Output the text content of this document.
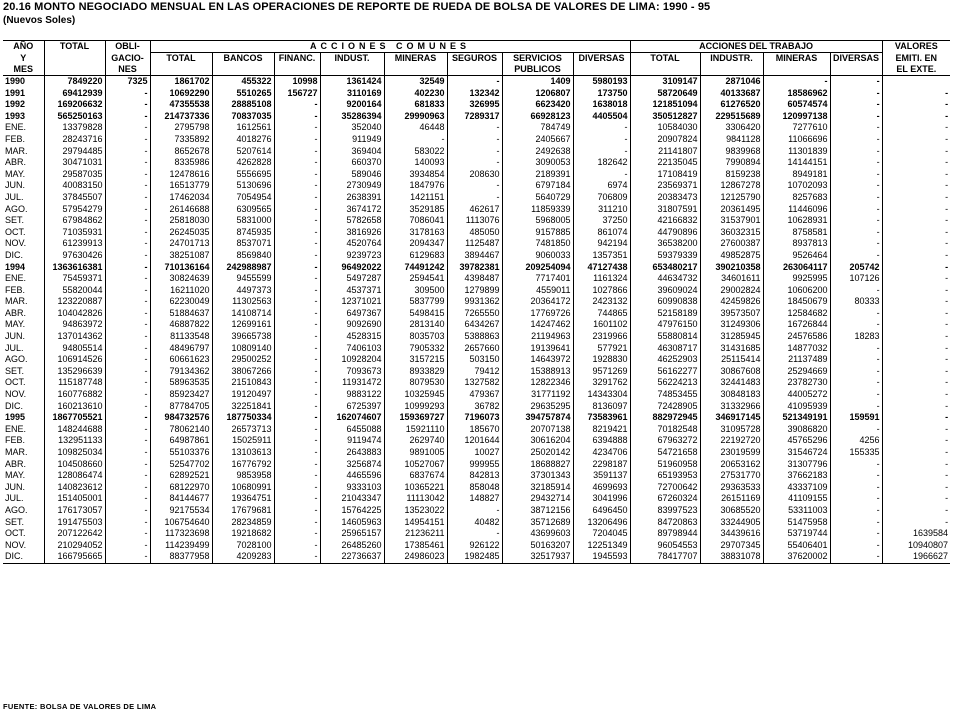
20.16 MONTO NEGOCIADO MENSUAL EN LAS OPERACIONES DE REPORTE DE RUEDA DE BOLSA DE VALORES DE LIMA: 1990 - 95
(Nuevos Soles)
AÑO	TOTAL	OBLI-	ACCIONES COMUNES								ACCIONES DEL TRABAJO				VALORES
Y		GACIO-	TOTAL	BANCOS	FINANC.	INDUST.	MINERAS	SEGUROS	SERVICIOS	DIVERSAS	TOTAL	INDUSTR.	MINERAS	DIVERSAS	EMITI. EN
MES		NES							PUBLICOS						EL EXTE.
1990	7849220	7325	1861702	455322	10998	1361424	32549	-	1409	5980193	3109147	2871046	-	-	
1991	69412939	-	10692290	5510265	156727	3110169	402230	132342	1206807	173750	58720649	40133687	18586962	-	-
1992	169206632	-	47355538	28885108	-	9200164	681833	326995	6623420	1638018	121851094	61276520	60574574	-	-
1993	565250163	-	214737336	70837035	-	35286394	29990963	7289317	66928123	4405504	350512827	229515689	120997138	-	-
ENE.	13379828	-	2795798	1612561	-	352040	46448	-	784749	-	10584030	3306420	7277610	-	-
FEB.	28243716	-	7335892	4018276	-	911949	-	-	2405667	-	20907824	9841128	11066696	-	-
MAR.	29794485	-	8652678	5207614	-	369404	583022	-	2492638	-	21141807	9839968	11301839	-	-
ABR.	30471031	-	8335986	4262828	-	660370	140093	-	3090053	182642	22135045	7990894	14144151	-	-
MAY.	29587035	-	12478616	5556695	-	589046	3934854	208630	2189391	-	17108419	8159238	8949181	-	-
JUN.	40083150	-	16513779	5130696	-	2730949	1847976	-	6797184	6974	23569371	12867278	10702093	-	-
JUL.	37845507	-	17462034	7054954	-	2638391	1421151	-	5640729	706809	20383473	12125790	8257683	-	-
AGO.	57954279	-	26146688	6309565	-	3674172	3529185	462617	11859339	311210	31807591	20361495	11446096	-	-
SET.	67984862	-	25818030	5831000	-	5782658	7086041	1113076	5968005	37250	42166832	31537901	10628931	-	-
OCT.	71035931	-	26245035	8745935	-	3816926	3178163	485050	9157885	861074	44790896	36032315	8758581	-	-
NOV.	61239913	-	24701713	8537071	-	4520764	2094347	1125487	7481850	942194	36538200	27600387	8937813	-	-
DIC.	97630426	-	38251087	8569840	-	9239723	6129683	3894467	9060033	1357351	59379339	49852875	9526464	-	-
1994	1363616381	-	710136164	242988987	-	96492022	74491242	39782381	209254094	47127438	653480217	390210358	263064117	205742	-
ENE.	75459371	-	30824639	9455599	-	5497287	2594541	4398487	7717401	1161324	44634732	34601611	9925995	107126	-
FEB.	55820044	-	16211020	4497373	-	4537371	309500	1279899	4559011	1027866	39609024	29002824	10606200	-	-
MAR.	123220887	-	62230049	11302563	-	12371021	5837799	9931362	20364172	2423132	60990838	42459826	18450679	80333	-
ABR.	104042826	-	51884637	14108714	-	6497367	5498415	7265550	17769726	744865	52158189	39573507	12584682	-	-
MAY.	94863972	-	46887822	12699161	-	9092690	2813140	6434267	14247462	1601102	47976150	31249306	16726844	-	-
JUN.	137014362	-	81133548	39665738	-	4528315	8035703	5388863	21194963	2319966	55880814	31285945	24576586	18283	-
JUL.	94805514	-	48496797	10809140	-	7406103	7905332	2657660	19139641	577921	46308717	31431685	14877032	-	-
AGO.	106914526	-	60661623	29500252	-	10928204	3157215	503150	14643972	1928830	46252903	25115414	21137489	-	-
SET.	135296639	-	79134362	38067266	-	7093673	8933829	79412	15388913	9571269	56162277	30867608	25294669	-	-
OCT.	115187748	-	58963535	21510843	-	11931472	8079530	1327582	12822346	3291762	56224213	32441483	23782730	-	-
NOV.	160776882	-	85923427	19120497	-	9883122	10325945	479367	31771192	14343304	74853455	30848183	44005272	-	-
DIC.	160213610	-	87784705	32251841	-	6725397	10999293	36782	29635295	8136097	72428905	31332966	41095939	-	-
1995	1867705521	-	984732576	187750334	-	162074607	159369727	7196073	394757874	73583961	882972945	346917145	521349191	159591	-
ENE.	148244688	-	78062140	26573713	-	6455088	15921110	185670	20707138	8219421	70182548	31095728	39086820	-	-
FEB.	132951133	-	64987861	15025911	-	9119474	2629740	1201644	30616204	6394888	67963272	22192720	45765296	4256	-
MAR.	109825034	-	55103376	13103613	-	2643883	9891005	10027	25020142	4234706	54721658	23019599	31546724	155335	-
ABR.	104508660	-	52547702	16776792	-	3256874	10527067	999955	18688827	2298187	51960958	20653162	31307796	-	-
MAY.	128086474	-	62892521	9853958	-	4465596	6837674	842813	37301343	3591137	65193953	27531770	37662183	-	-
JUN.	140823612	-	68122970	10680991	-	9333103	10365221	858048	32185914	4699693	72700642	29363533	43337109	-	-
JUL.	151405001	-	84144677	19364751	-	21043347	11113042	148827	29432714	3041996	67260324	26151169	41109155	-	-
AGO.	176173057	-	92175534	17679681	-	15764225	13523022	-	38712156	6496450	83997523	30685520	53311003	-	-
SET.	191475503	-	106754640	28234859	-	14605963	14954151	40482	35712689	13206496	84720863	33244905	51475958	-	-
OCT.	207122642	-	117323698	19218682	-	25965157	21236211	-	43699603	7204045	89798944	34439616	53719744	-	1639584
NOV.	210294052	-	114239499	7028100	-	26485260	17385461	926122	50163207	12251349	96054553	29707345	55406401	-	10940807
DIC.	166795665	-	88377958	4209283	-	22736637	24986023	1982485	32517937	1945593	78417707	38831078	37620002	-	1966627
FUENTE: BOLSA DE VALORES DE LIMA
